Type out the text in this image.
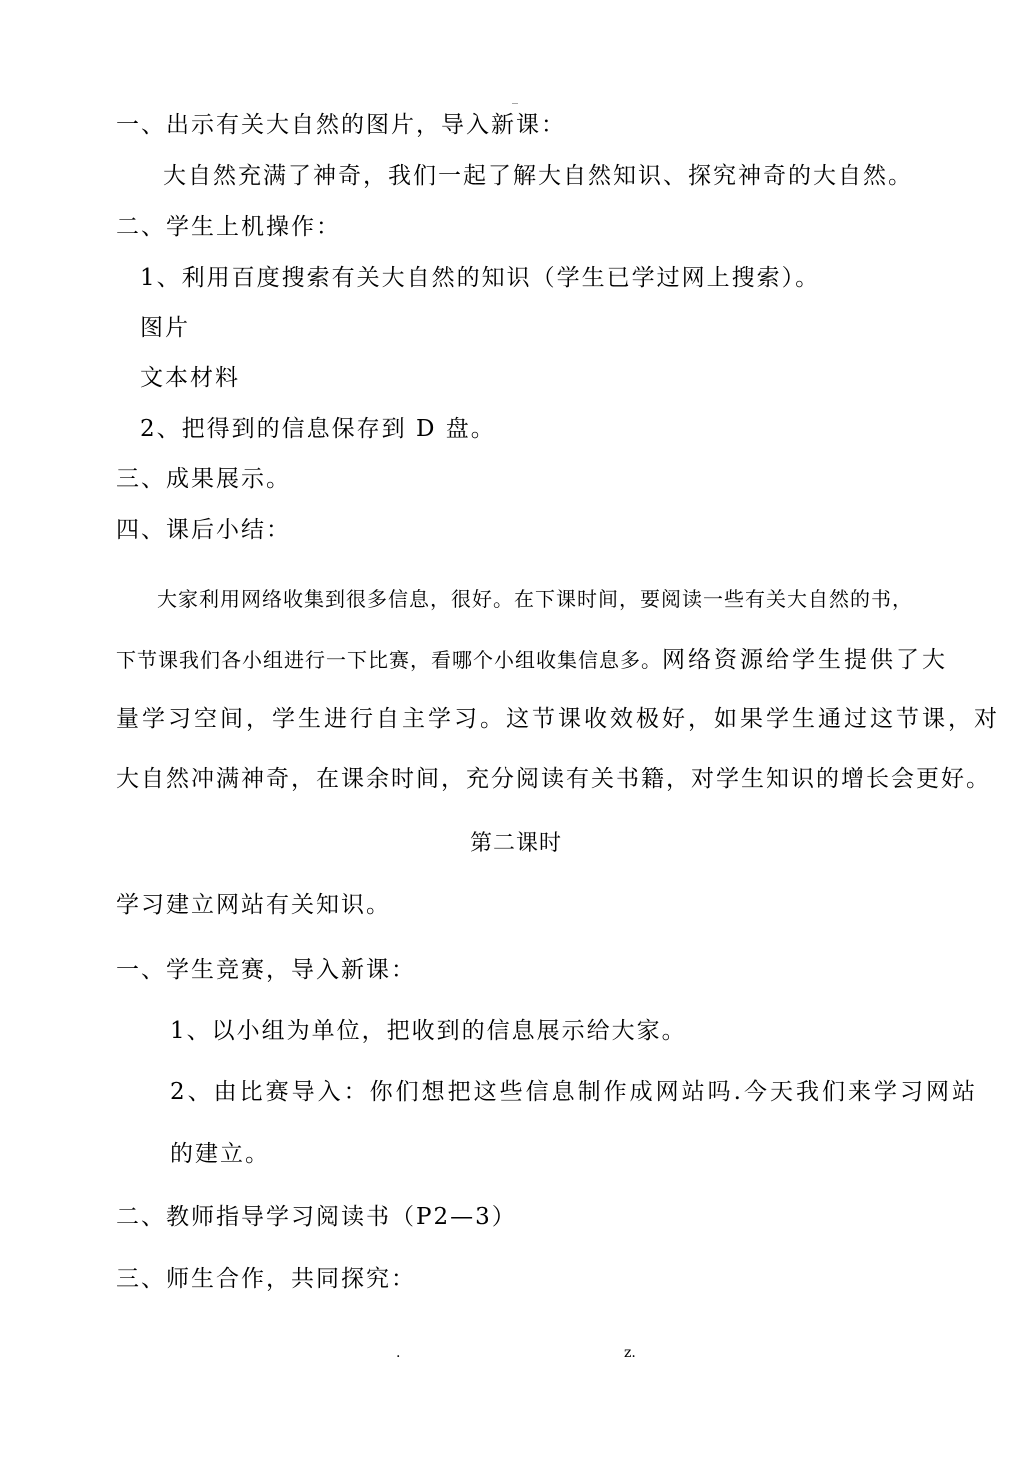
_
一、出示有关大自然的图片，导入新课：
大自然充满了神奇，我们一起了解大自然知识、探究神奇的大自然。
二、学生上机操作：
1、利用百度搜索有关大自然的知识（学生已学过网上搜索）。
图片
文本材料
2、把得到的信息保存到 D 盘。
三、成果展示。
四、课后小结：
大家利用网络收集到很多信息，很好。在下课时间，要阅读一些有关大自然的书，
下节课我们各小组进行一下比赛，看哪个小组收集信息多。网络资源给学生提供了大
量学习空间，学生进行自主学习。这节课收效极好，如果学生通过这节课，对
大自然冲满神奇，在课余时间，充分阅读有关书籍，对学生知识的增长会更好。
第二课时
学习建立网站有关知识。
一、学生竞赛，导入新课：
1、以小组为单位，把收到的信息展示给大家。
2、由比赛导入：你们想把这些信息制作成网站吗.今天我们来学习网站
的建立。
二、教师指导学习阅读书（P2—3）
三、师生合作，共同探究：
.	z.
